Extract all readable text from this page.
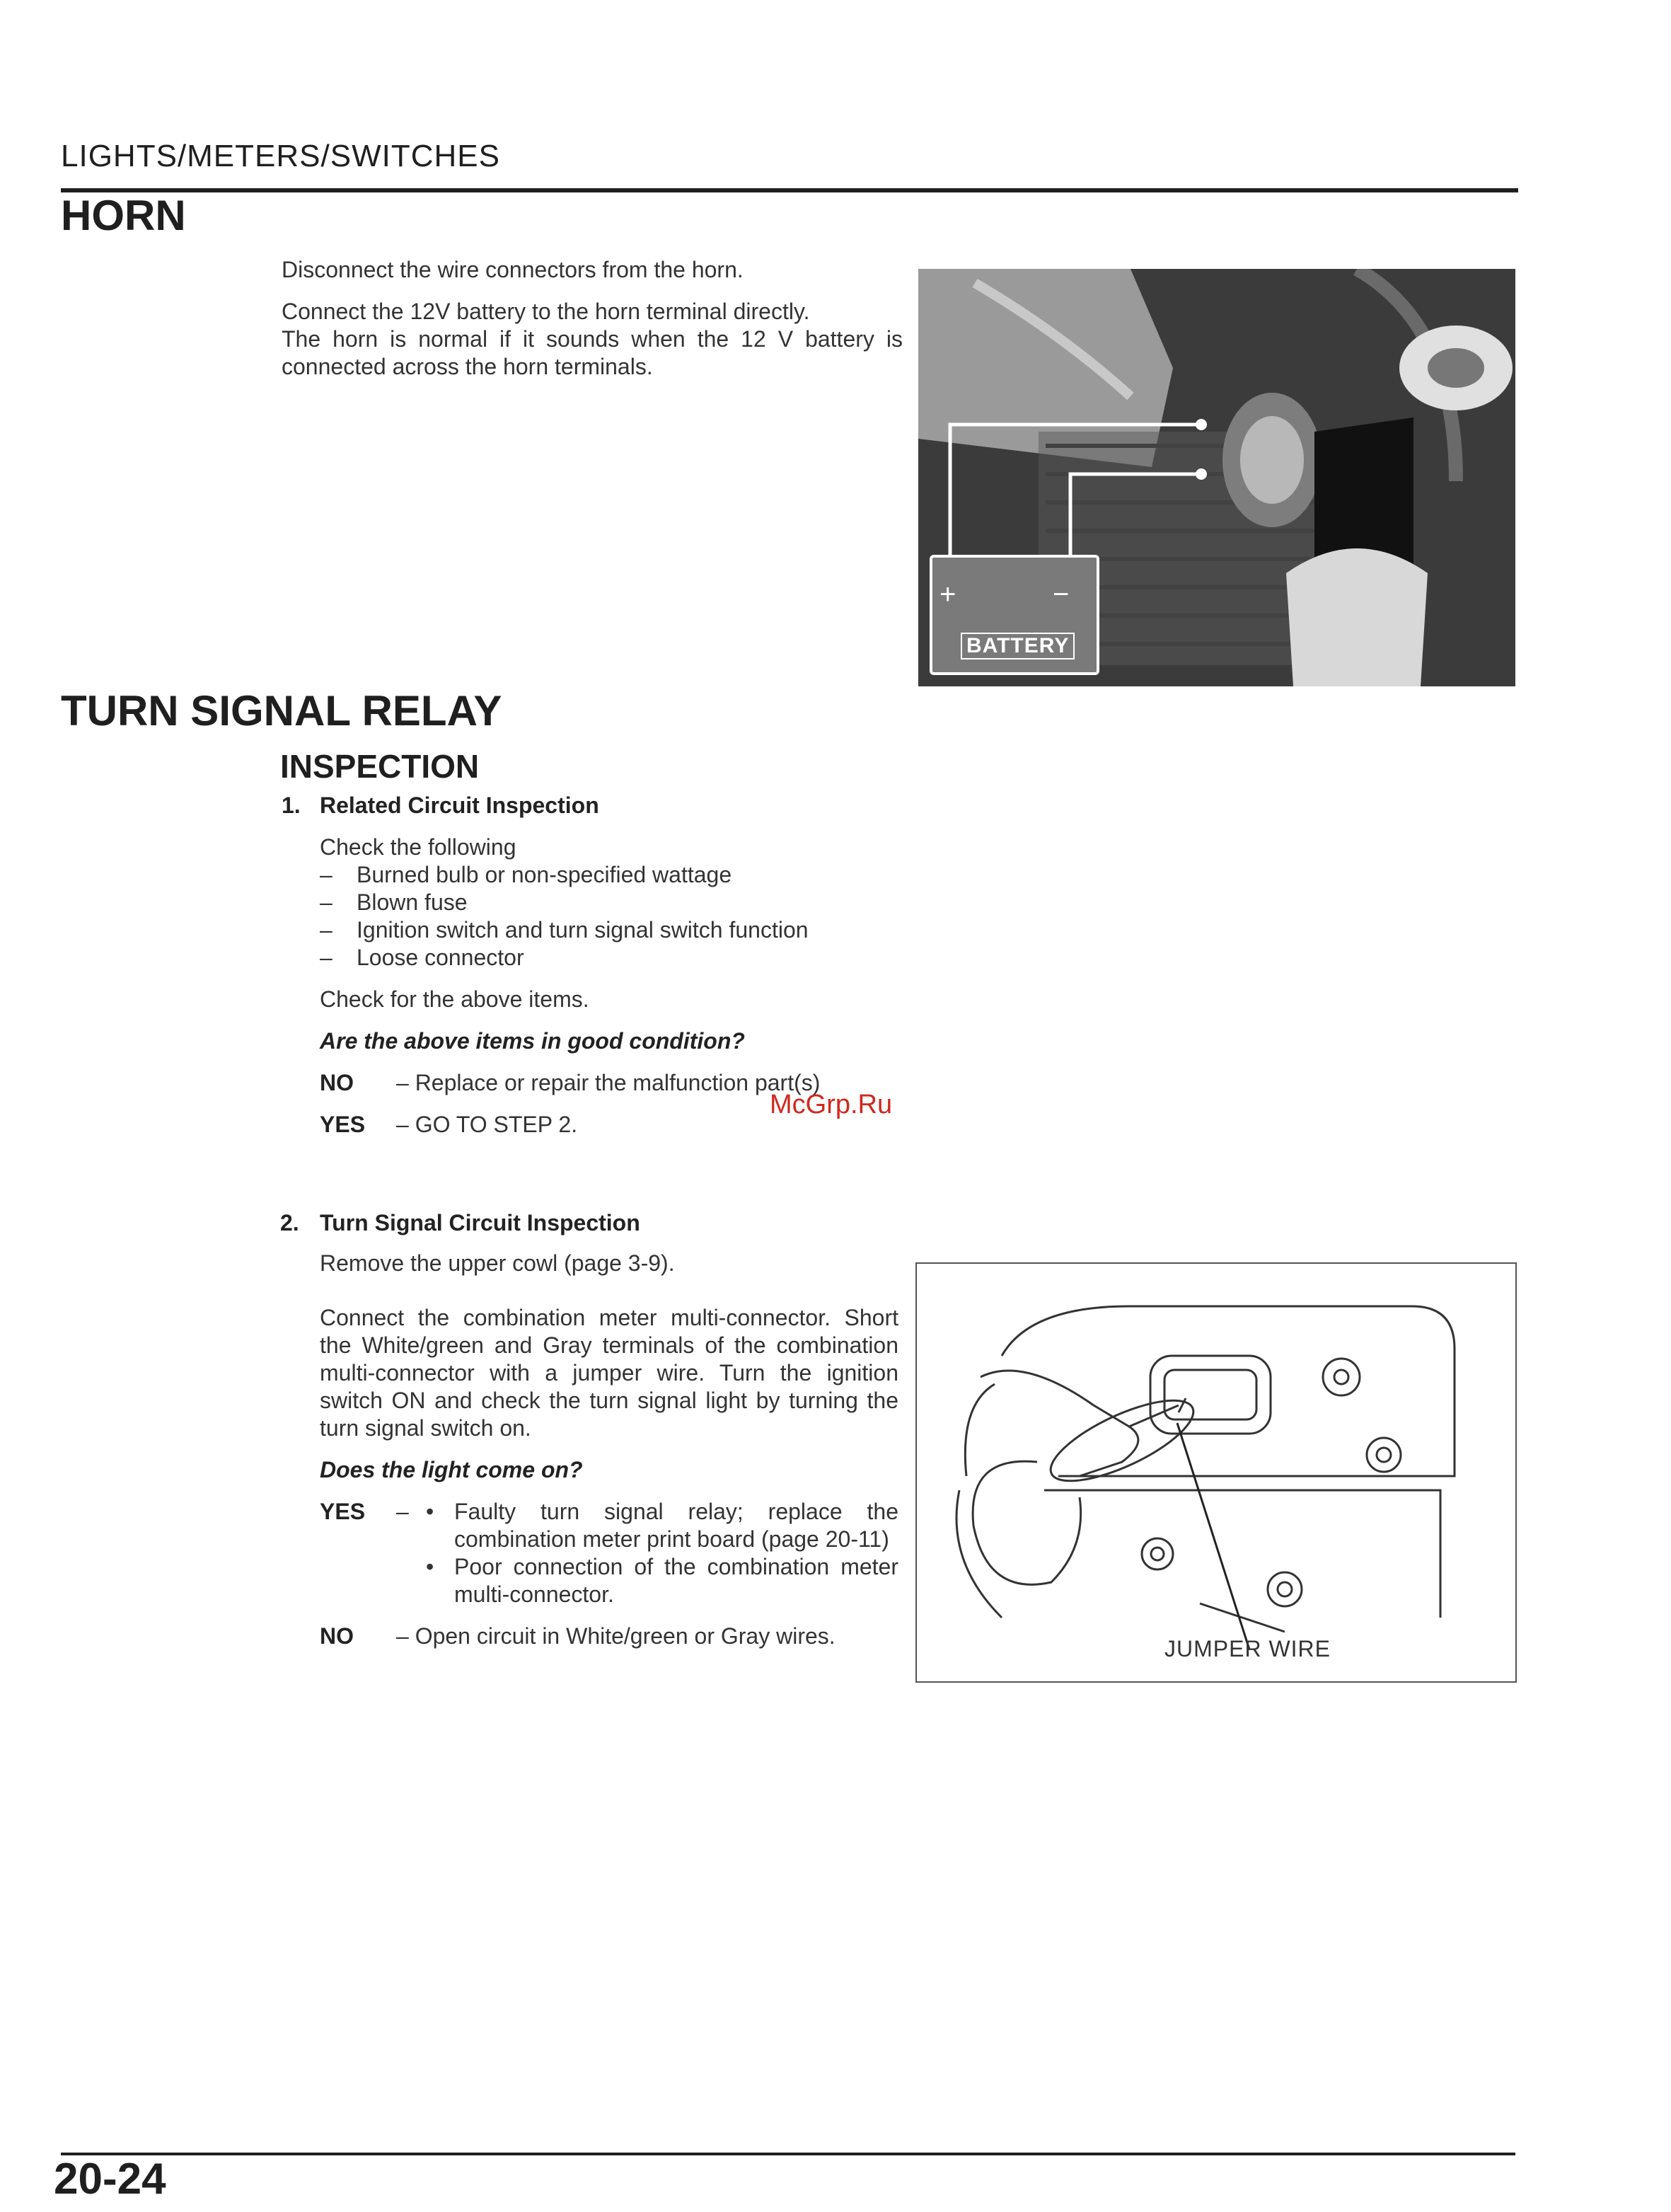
LIGHTS/METERS/SWITCHES
HORN
Disconnect the wire connectors from the horn.
Connect the 12V battery to the horn terminal directly.
The horn is normal if it sounds when the 12 V battery is connected across the horn terminals.
+	−
BATTERY
TURN SIGNAL RELAY
INSPECTION
1. Related Circuit Inspection
Check the following
–	Burned bulb or non-specified wattage
–	Blown fuse
–	Ignition switch and turn signal switch function
–	Loose connector
Check for the above items.
Are the above items in good condition?
NO	– Replace or repair the malfunction part(s)
YES	– GO TO STEP 2.
2. Turn Signal Circuit Inspection
Remove the upper cowl (page 3-9).
Connect the combination meter multi-connector. Short the White/green and Gray terminals of the combination multi-connector with a jumper wire. Turn the ignition switch ON and check the turn signal light by turning the turn signal switch on.
Does the light come on?
YES	– • Faulty turn signal relay; replace the combination meter print board (page 20-11)
• Poor connection of the combination meter multi-connector.
NO	– Open circuit in White/green or Gray wires.	JUMPER WIRE
McGrp.Ru
20-24
